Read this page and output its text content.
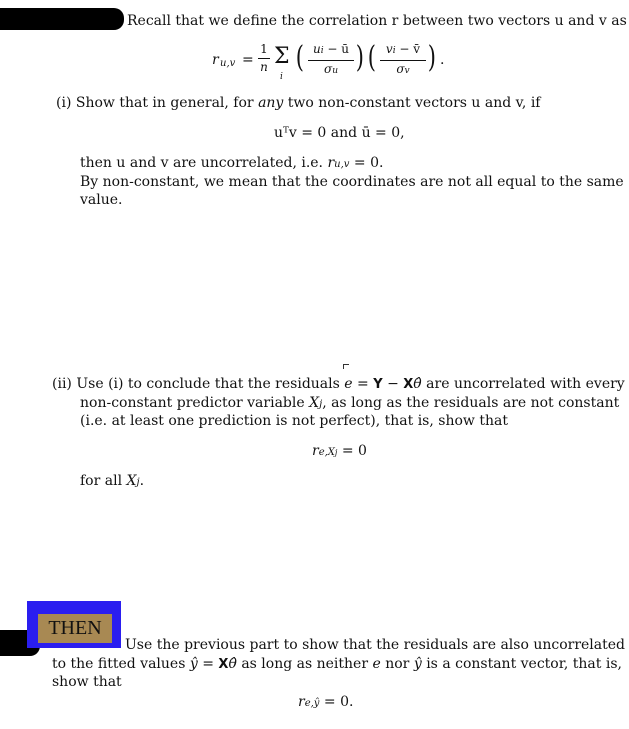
Recall that we define the correlation r between two vectors u and v as
r u,v =
1
n Σ
i
( ui − ū
σu ) ( vi − v̄
σv ) .
(i) Show that in general, for any two non-constant vectors u and v, if
uᵀv = 0 and ū = 0,
then u and v are uncorrelated, i.e. ru,v = 0.
By non-constant, we mean that the coordinates are not all equal to the same
value.
(ii) Use (i) to conclude that the residuals e = Y − Xθ̂ are uncorrelated with every
non-constant predictor variable Xj, as long as the residuals are not constant
(i.e. at least one prediction is not perfect), that is, show that
re,Xj = 0
for all Xj.
THEN
Use the previous part to show that the residuals are also uncorrelated
to the fitted values ŷ = Xθ̂ as long as neither e nor ŷ is a constant vector, that is,
show that
re,ŷ = 0.
